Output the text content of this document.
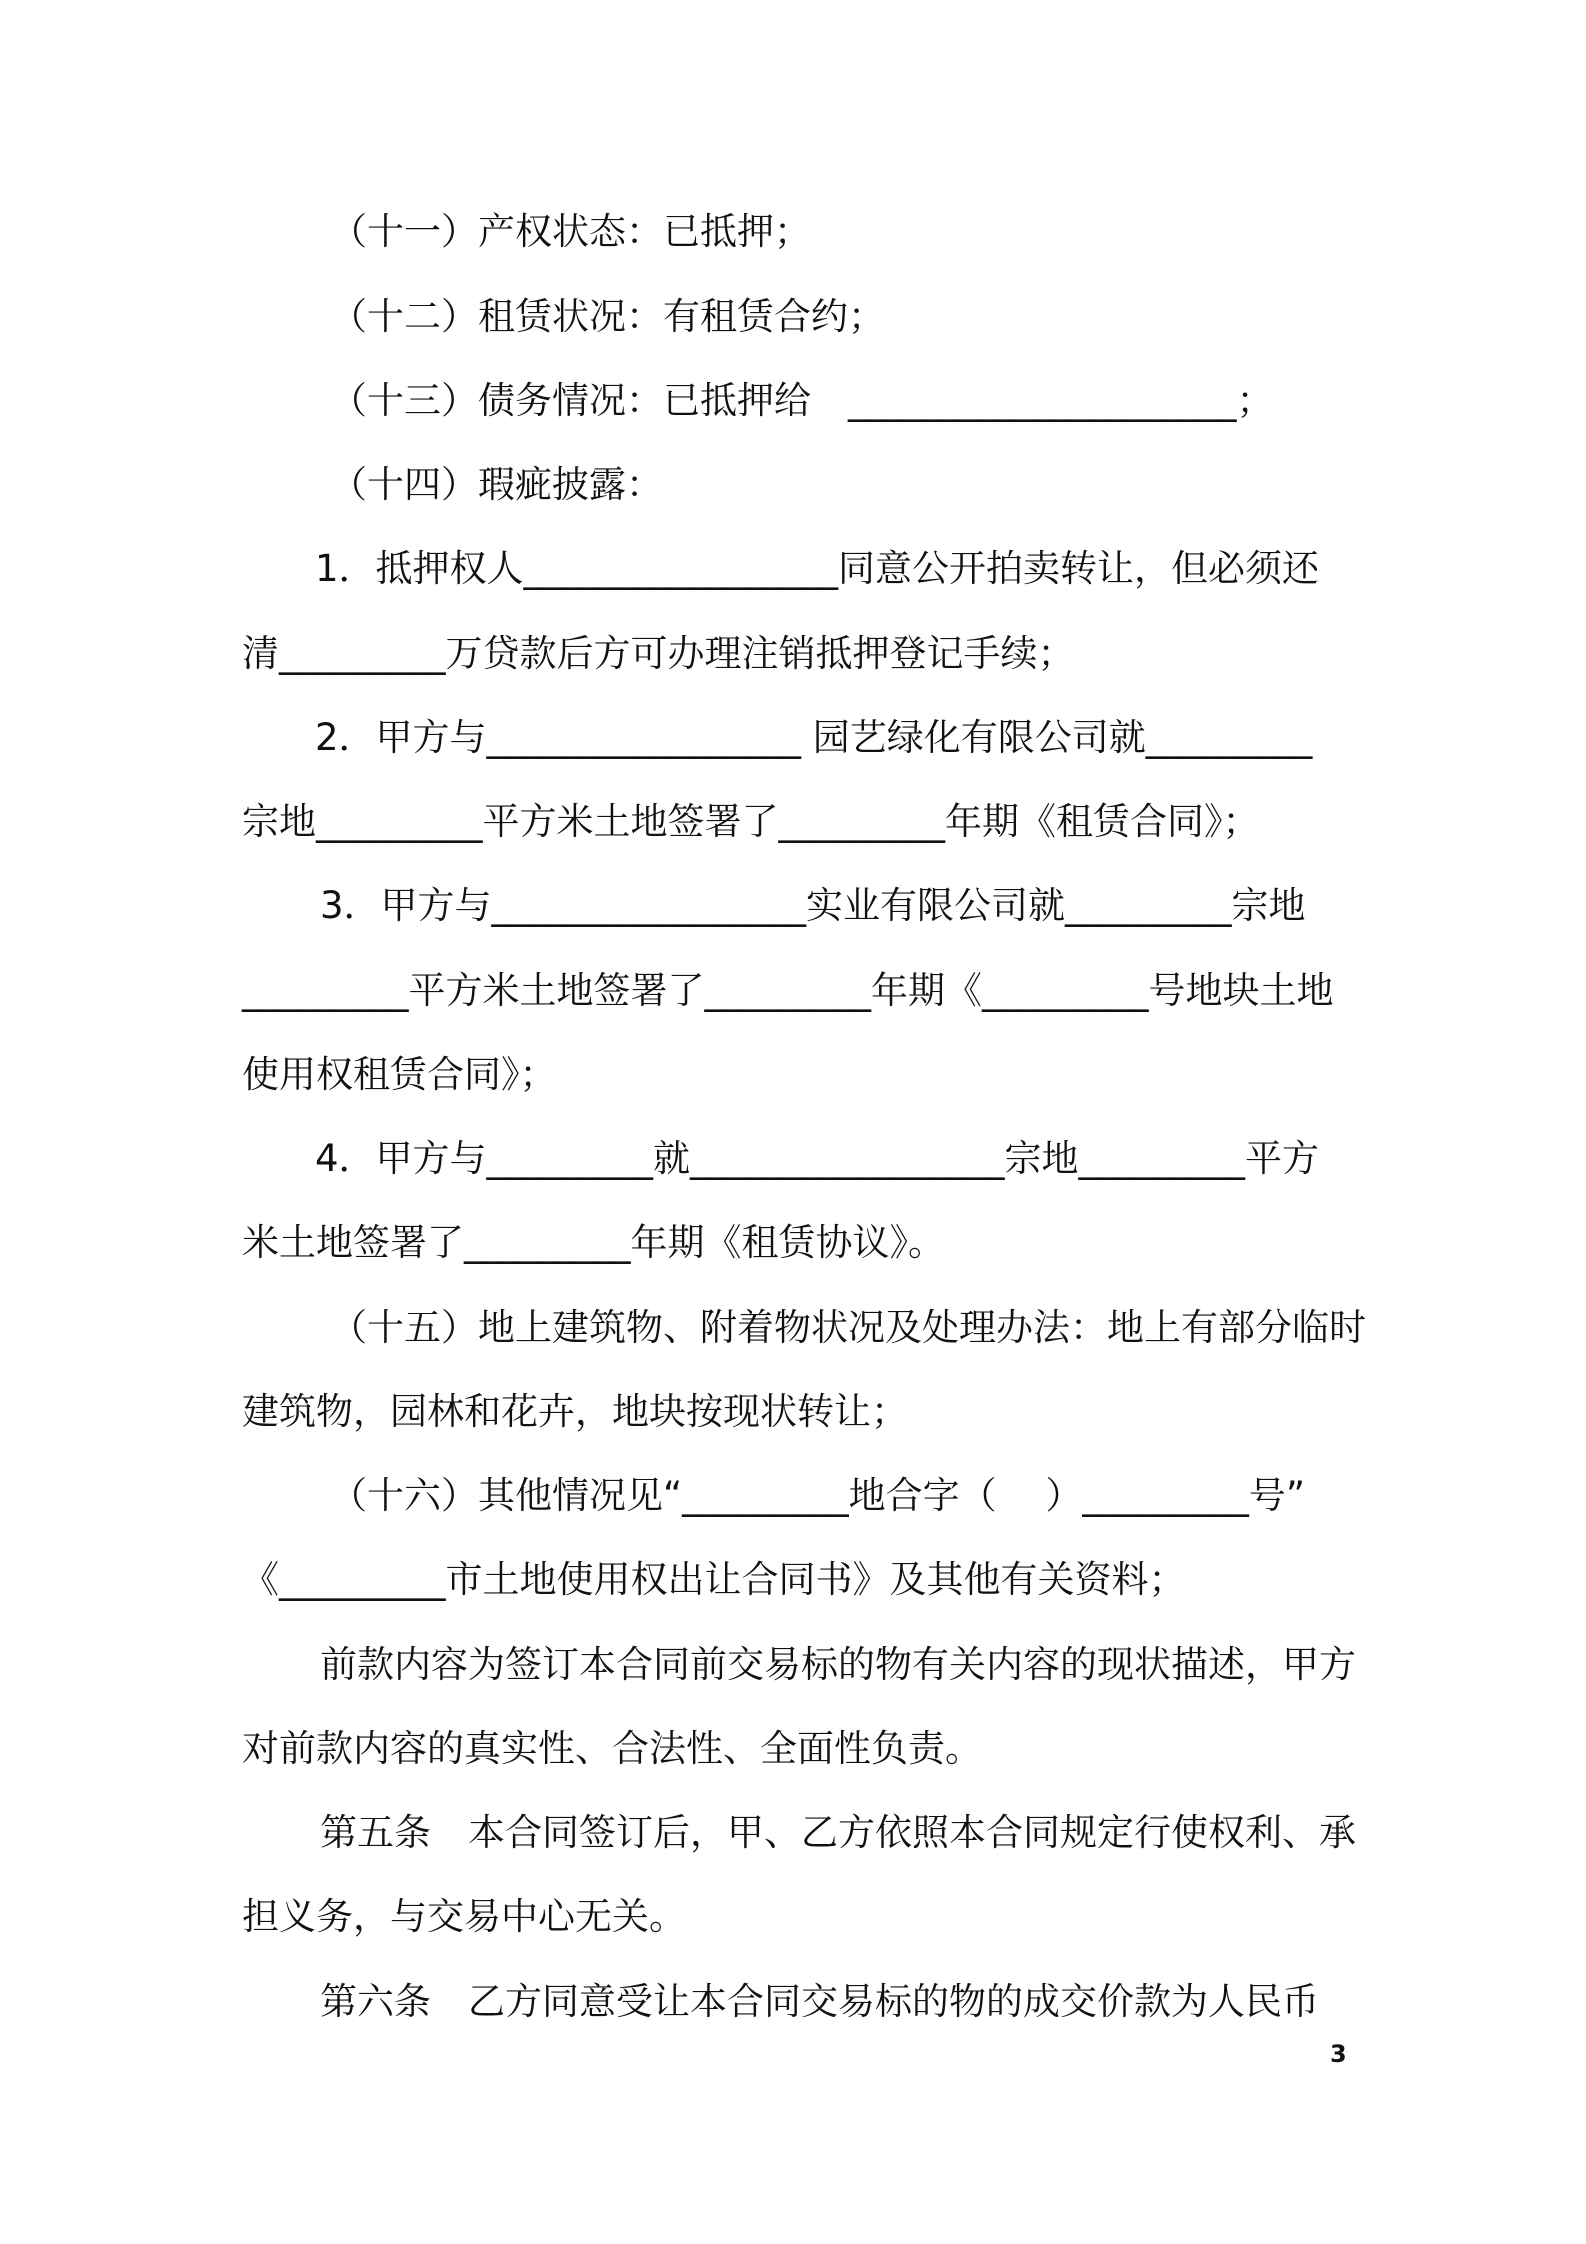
（十一）产权状态：已抵押；
（十二）租赁状况：有租赁合约；
（十三）债务情况：已抵押给　_____________________；
（十四）瑕疵披露：
1．抵押权人_________________同意公开拍卖转让，但必须还
清_________万贷款后方可办理注销抵押登记手续；
2．甲方与_________________ 园艺绿化有限公司就_________
宗地_________平方米土地签署了_________年期《租赁合同》；
3．甲方与_________________实业有限公司就_________宗地
_________平方米土地签署了_________年期《_________号地块土地
使用权租赁合同》；
4．甲方与_________就_________________宗地_________平方
米土地签署了_________年期《租赁协议》。
（十五）地上建筑物、附着物状况及处理办法：地上有部分临时
建筑物，园林和花卉，地块按现状转让；
（十六）其他情况见“_________地合字（　 ）_________号”
《_________市土地使用权出让合同书》及其他有关资料；
前款内容为签订本合同前交易标的物有关内容的现状描述，甲方
对前款内容的真实性、合法性、全面性负责。
第五条　本合同签订后，甲、乙方依照本合同规定行使权利、承
担义务，与交易中心无关。
第六条　乙方同意受让本合同交易标的物的成交价款为人民币
3
